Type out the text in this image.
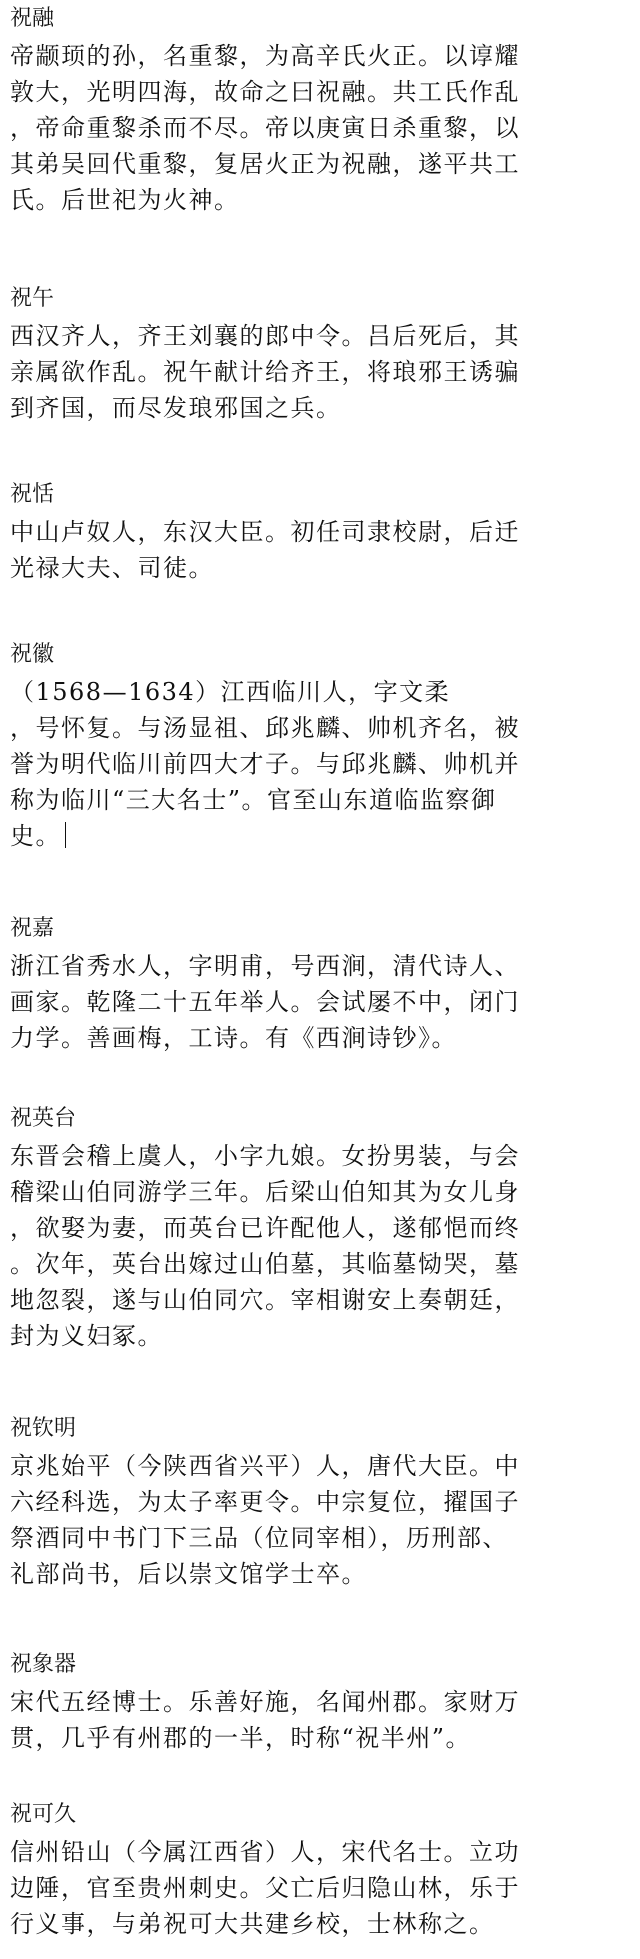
祝融

帝颛顼的孙，名重黎，为高辛氏火正。以谆耀
敦大，光明四海，故命之曰祝融。共工氏作乱
，帝命重黎杀而不尽。帝以庚寅日杀重黎，以
其弟吴回代重黎，复居火正为祝融，遂平共工
氏。后世祀为火神。

祝午

西汉齐人，齐王刘襄的郎中令。吕后死后，其
亲属欲作乱。祝午献计给齐王，将琅邪王诱骗
到齐国，而尽发琅邪国之兵。

祝恬

中山卢奴人，东汉大臣。初任司隶校尉，后迁
光禄大夫、司徒。

祝徽

（1568—1634）江西临川人，字文柔
，号怀复。与汤显祖、邱兆麟、帅机齐名，被
誉为明代临川前四大才子。与邱兆麟、帅机并
称为临川“三大名士”。官至山东道临监察御
史。

祝嘉

浙江省秀水人，字明甫，号西涧，清代诗人、
画家。乾隆二十五年举人。会试屡不中，闭门
力学。善画梅，工诗。有《西涧诗钞》。

祝英台

东晋会稽上虞人，小字九娘。女扮男装，与会
稽梁山伯同游学三年。后梁山伯知其为女儿身
，欲娶为妻，而英台已许配他人，遂郁悒而终
。次年，英台出嫁过山伯墓，其临墓恸哭，墓
地忽裂，遂与山伯同穴。宰相谢安上奏朝廷，
封为义妇冢。

祝钦明

京兆始平（今陕西省兴平）人，唐代大臣。中
六经科选，为太子率更令。中宗复位，擢国子
祭酒同中书门下三品（位同宰相），历刑部、
礼部尚书，后以崇文馆学士卒。

祝象器

宋代五经博士。乐善好施，名闻州郡。家财万
贯，几乎有州郡的一半，时称“祝半州”。

祝可久

信州铅山（今属江西省）人，宋代名士。立功
边陲，官至贵州刺史。父亡后归隐山林，乐于
行义事，与弟祝可大共建乡校，士林称之。
